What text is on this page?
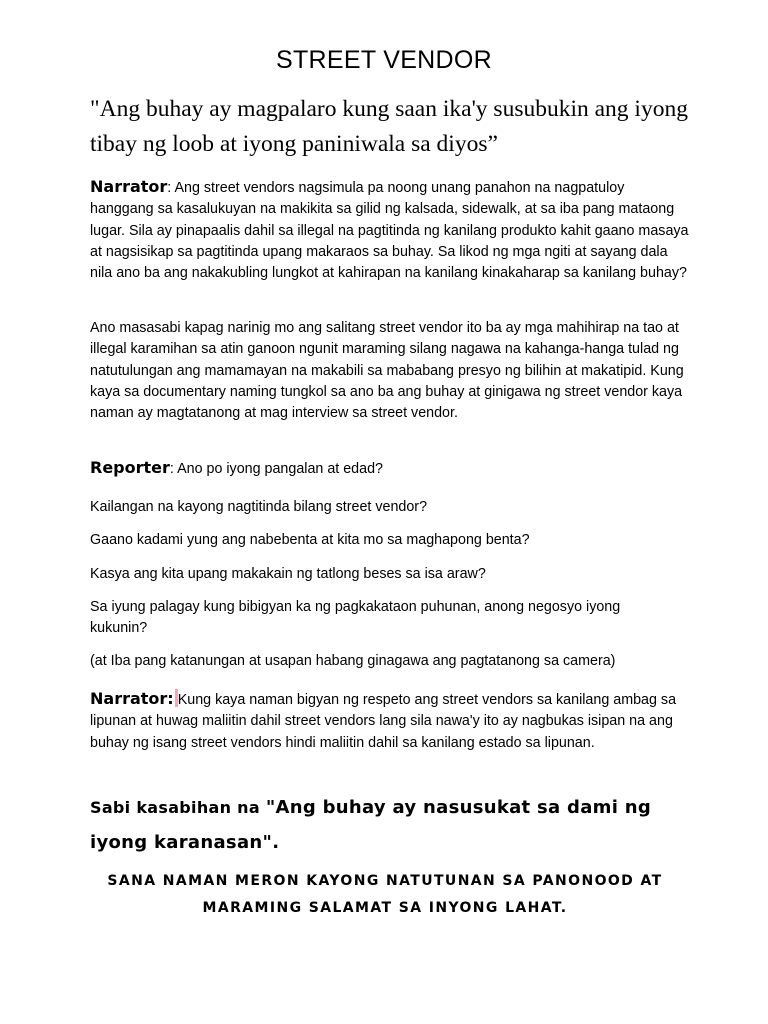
STREET VENDOR

"Ang buhay ay magpalaro kung saan ika'y susubukin ang iyong tibay ng loob at iyong paniniwala sa diyos”

Narrator: Ang street vendors nagsimula pa noong unang panahon na nagpatuloy hanggang sa kasalukuyan na makikita sa gilid ng kalsada, sidewalk, at sa iba pang mataong lugar. Sila ay pinapaalis dahil sa illegal na pagtitinda ng kanilang produkto kahit gaano masaya at nagsisikap sa pagtitinda upang makaraos sa buhay. Sa likod ng mga ngiti at sayang dala nila ano ba ang nakakubling lungkot at kahirapan na kanilang kinakaharap sa kanilang buhay?

Ano masasabi kapag narinig mo ang salitang street vendor ito ba ay mga mahihirap na tao at illegal karamihan sa atin ganoon ngunit maraming silang nagawa na kahanga-hanga tulad ng natutulungan ang mamamayan na makabili sa mababang presyo ng bilihin at makatipid. Kung kaya sa documentary naming tungkol sa ano ba ang buhay at ginigawa ng street vendor kaya naman ay magtatanong at mag interview sa street vendor.

Reporter: Ano po iyong pangalan at edad?

Kailangan na kayong nagtitinda bilang street vendor?

Gaano kadami yung ang nabebenta at kita mo sa maghapong benta?

Kasya ang kita upang makakain ng tatlong beses sa isa araw?

Sa iyung palagay kung bibigyan ka ng pagkakataon puhunan, anong negosyo iyong kukunin?

(at Iba pang katanungan at usapan habang ginagawa ang pagtatanong sa camera)

Narrator: Kung kaya naman bigyan ng respeto ang street vendors sa kanilang ambag sa lipunan at huwag maliitin dahil street vendors lang sila nawa'y ito ay nagbukas isipan na ang buhay ng isang street vendors hindi maliitin dahil sa kanilang estado sa lipunan.

Sabi kasabihan na "Ang buhay ay nasusukat sa dami ng iyong karanasan".

SANA NAMAN MERON KAYONG NATUTUNAN SA PANONOOD AT
MARAMING SALAMAT SA INYONG LAHAT.
